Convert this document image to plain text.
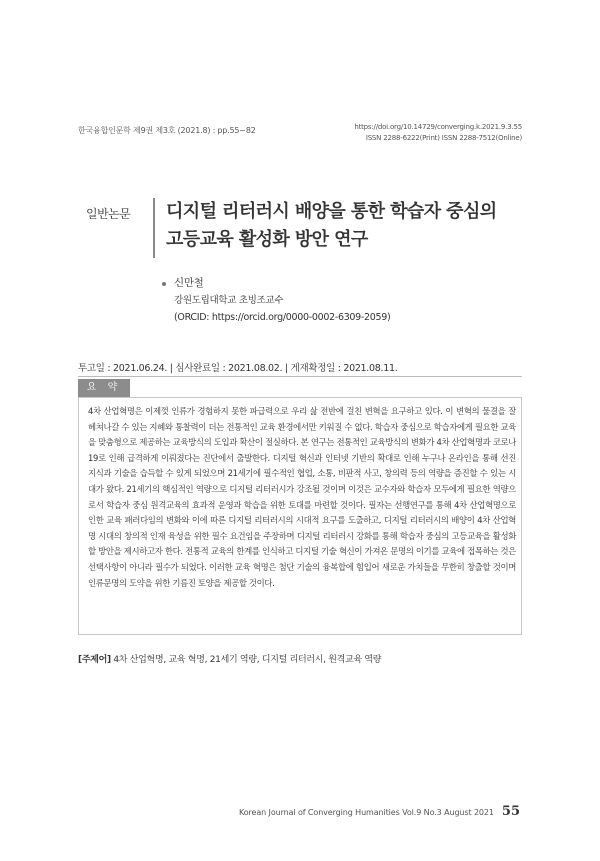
한국융합인문학 제9권 제3호 (2021.8) : pp.55~82	https://doi.org/10.14729/converging.k.2021.9.3.55
ISSN 2288-6222(Print) ISSN 2288-7512(Online)
일반논문 디지털 리터러시 배양을 통한 학습자 중심의
고등교육 활성화 방안 연구
신만철
강원도립대학교 초빙조교수
(ORCID: https://orcid.org/0000-0002-6309-2059)
투고일 : 2021.06.24. | 심사완료일 : 2021.08.02. | 게재확정일 : 2021.08.11.
요 약
4차 산업혁명은 이제껏 인류가 경험하지 못한 파급력으로 우리 삶 전반에 걸친 변혁을 요구하고 있다. 이 변혁의 물결을 잘 헤쳐나갈 수 있는 지혜와 통찰력이 더는 전통적인 교육 환경에서만 키워질 수 없다. 학습자 중심으로 학습자에게 필요한 교육을 맞춤형으로 제공하는 교육방식의 도입과 확산이 절실하다. 본 연구는 전통적인 교육방식의 변화가 4차 산업혁명과 코로나19로 인해 급격하게 이뤄졌다는 진단에서 출발한다. 디지털 혁신과 인터넷 기반의 확대로 인해 누구나 온라인을 통해 선진 지식과 기술을 습득할 수 있게 되었으며 21세기에 필수적인 협업, 소통, 비판적 사고, 창의력 등의 역량을 증진할 수 있는 시대가 왔다. 21세기의 핵심적인 역량으로 디지털 리터러시가 강조될 것이며 이것은 교수자와 학습자 모두에게 필요한 역량으로서 학습자 중심 원격교육의 효과적 운영과 학습을 위한 토대를 마련할 것이다. 필자는 선행연구를 통해 4차 산업혁명으로 인한 교육 패러다임의 변화와 이에 따른 디지털 리터러시의 시대적 요구를 도출하고, 디지털 리터러시의 배양이 4차 산업혁명 시대의 창의적 인재 육성을 위한 필수 요건임을 주장하며 디지털 리터러시 강화를 통해 학습자 중심의 고등교육을 활성화할 방안을 제시하고자 한다. 전통적 교육의 한계를 인식하고 디지털 기술 혁신이 가져온 문명의 이기를 교육에 접목하는 것은 선택사항이 아니라 필수가 되었다. 이러한 교육 혁명은 첨단 기술의 융복합에 힘입어 새로운 가치들을 무한히 창출할 것이며 인류문명의 도약을 위한 기름진 토양을 제공할 것이다.
[주제어] 4차 산업혁명, 교육 혁명, 21세기 역량, 디지털 리터러시, 원격교육 역량
Korean Journal of Converging Humanities Vol.9 No.3 August 2021 55
